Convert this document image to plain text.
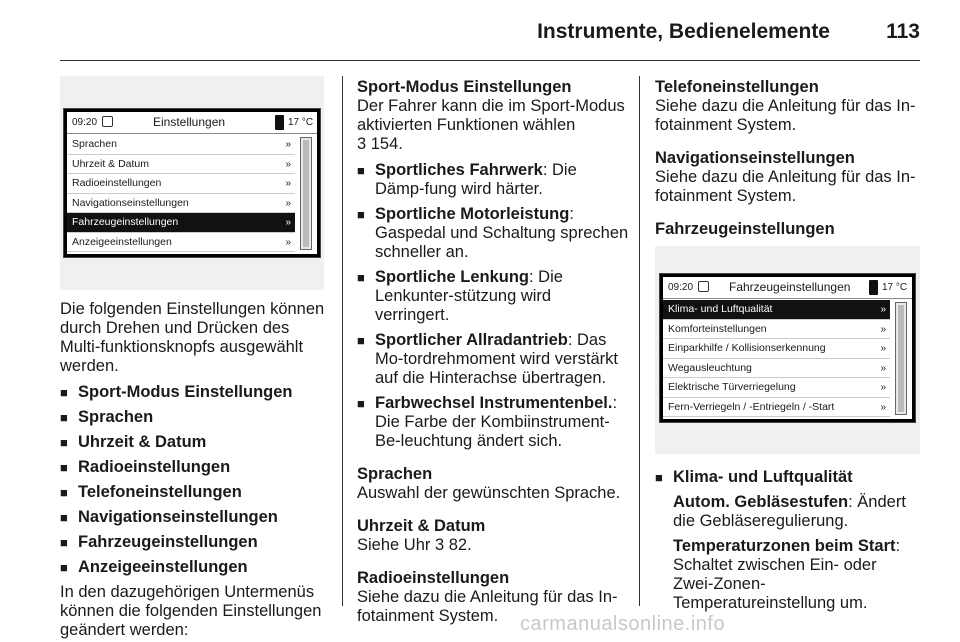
Instrumente, Bedienelemente	113
09:20	Einstellungen	17 °C
Sprachen	»
Uhrzeit & Datum	»
Radioeinstellungen	»
Navigationseinstellungen	»
Fahrzeugeinstellungen	»
Anzeigeeinstellungen	»

Die folgenden Einstellungen können durch Drehen und Drücken des Multi-funktionsknopfs ausgewählt werden.

■ Sport-Modus Einstellungen
■ Sprachen
■ Uhrzeit & Datum
■ Radioeinstellungen
■ Telefoneinstellungen
■ Navigationseinstellungen
■ Fahrzeugeinstellungen
■ Anzeigeeinstellungen

In den dazugehörigen Untermenüs können die folgenden Einstellungen geändert werden:

Sport-Modus Einstellungen
Der Fahrer kann die im Sport-Modus aktivierten Funktionen wählen

3 154.

■ Sportliches Fahrwerk: Die Dämp-fung wird härter.
■ Sportliche Motorleistung: Gaspedal und Schaltung sprechen schneller an.
■ Sportliche Lenkung: Die Lenkunter-stützung wird verringert.
■ Sportlicher Allradantrieb: Das Mo-tordrehmoment wird verstärkt auf die Hinterachse übertragen.
■ Farbwechsel Instrumentenbel.: Die Farbe der Kombiinstrument-Be-leuchtung ändert sich.
Sprachen

Auswahl der gewünschten Sprache.

Uhrzeit & Datum

Siehe Uhr 3 82.

Radioeinstellungen

Siehe dazu die Anleitung für das In-fotainment System.

Telefoneinstellungen

Siehe dazu die Anleitung für das In-fotainment System.

Navigationseinstellungen

Siehe dazu die Anleitung für das In-fotainment System.

Fahrzeugeinstellungen
09:20	Fahrzeugeinstellungen	17 °C
Klima- und Luftqualität	»
Komforteinstellungen	»
Einparkhilfe / Kollisionserkennung	»
Wegausleuchtung	»
Elektrische Türverriegelung	»
Fern-Verriegeln / -Entriegeln / -Start	»
■ Klima- und Luftqualität
Autom. Gebläsestufen: Ändert die Gebläseregulierung.
Temperaturzonen beim Start: Schaltet zwischen Ein- oder Zwei-Zonen-Temperatureinstellung um.
carmanualsonline.info
